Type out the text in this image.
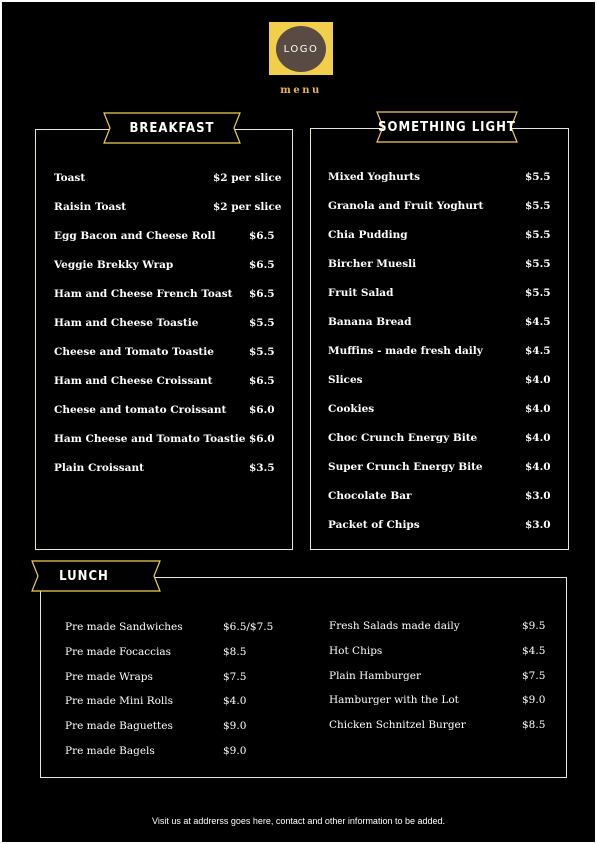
LOGO
menu
BREAKFAST
Toast	$2 per slice
Raisin Toast	$2 per slice
Egg Bacon and Cheese Roll	$6.5
Veggie Brekky Wrap	$6.5
Ham and Cheese French Toast $6.5
Ham and Cheese Toastie	$5.5
Cheese and Tomato Toastie	$5.5
Ham and Cheese Croissant	$6.5
Cheese and tomato Croissant $6.0
Ham Cheese and Tomato Toastie $6.0
Plain Croissant	$3.5
SOMETHING LIGHT
Mixed Yoghurts	$5.5
Granola and Fruit Yoghurt	$5.5
Chia Pudding	$5.5
Bircher Muesli	$5.5
Fruit Salad	$5.5
Banana Bread	$4.5
Muffins - made fresh daily	$4.5
Slices	$4.0
Cookies	$4.0
Choc Crunch Energy Bite	$4.0
Super Crunch Energy Bite	$4.0
Chocolate Bar	$3.0
Packet of Chips	$3.0
LUNCH
Pre made Sandwiches	$6.5/$7.5
Pre made Focaccias	$8.5
Pre made Wraps	$7.5
Pre made Mini Rolls	$4.0
Pre made Baguettes	$9.0
Pre made Bagels	$9.0
Fresh Salads made daily	$9.5
Hot Chips	$4.5
Plain Hamburger	$7.5
Hamburger with the Lot	$9.0
Chicken Schnitzel Burger	$8.5
Visit us at addrerss goes here, contact and other information to be added.
